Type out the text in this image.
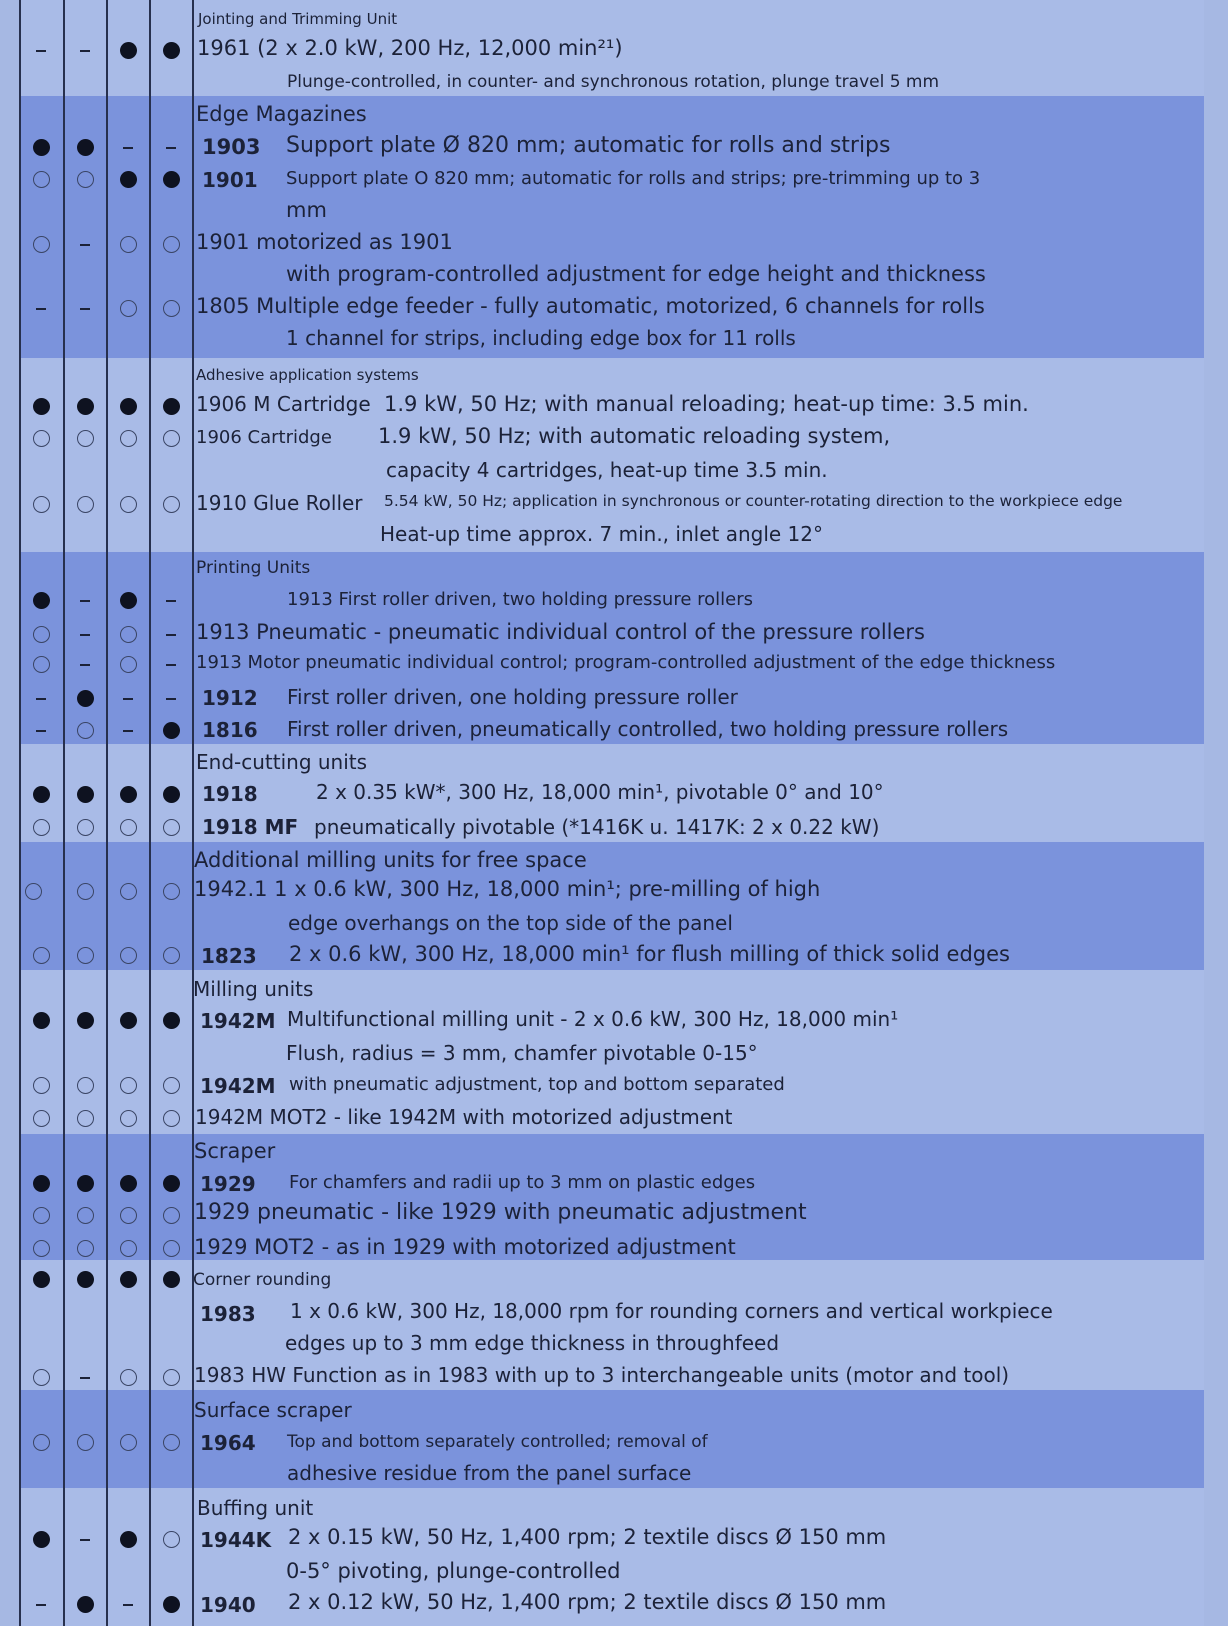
Jointing and Trimming Unit
1961 (2 x 2.0 kW, 200 Hz, 12,000 min²¹)
Plunge-controlled, in counter- and synchronous rotation, plunge travel 5 mm
Edge Magazines
1903 Support plate Ø 820 mm; automatic for rolls and strips
1901 Support plate O 820 mm; automatic for rolls and strips; pre-trimming up to 3
mm
1901 motorized as 1901
with program-controlled adjustment for edge height and thickness
1805 Multiple edge feeder - fully automatic, motorized, 6 channels for rolls
1 channel for strips, including edge box for 11 rolls
Adhesive application systems
1906 M Cartridge 1.9 kW, 50 Hz; with manual reloading; heat-up time: 3.5 min.
1906 Cartridge 1.9 kW, 50 Hz; with automatic reloading system,
capacity 4 cartridges, heat-up time 3.5 min.
1910 Glue Roller 5.54 kW, 50 Hz; application in synchronous or counter-rotating direction to the workpiece edge
Heat-up time approx. 7 min., inlet angle 12°
Printing Units
1913 First roller driven, two holding pressure rollers
1913 Pneumatic - pneumatic individual control of the pressure rollers
1913 Motor pneumatic individual control; program-controlled adjustment of the edge thickness
1912 First roller driven, one holding pressure roller
1816 First roller driven, pneumatically controlled, two holding pressure rollers
End-cutting units
1918	2 x 0.35 kW*, 300 Hz, 18,000 min¹, pivotable 0° and 10°
1918 MF pneumatically pivotable (*1416K u. 1417K: 2 x 0.22 kW)
Additional milling units for free space
1942.1 1 x 0.6 kW, 300 Hz, 18,000 min¹; pre-milling of high
edge overhangs on the top side of the panel
1823 2 x 0.6 kW, 300 Hz, 18,000 min¹ for flush milling of thick solid edges
Milling units
1942M Multifunctional milling unit - 2 x 0.6 kW, 300 Hz, 18,000 min¹
Flush, radius = 3 mm, chamfer pivotable 0-15°
1942M with pneumatic adjustment, top and bottom separated
1942M MOT2 - like 1942M with motorized adjustment
Scraper
1929 For chamfers and radii up to 3 mm on plastic edges
1929 pneumatic - like 1929 with pneumatic adjustment
1929 MOT2 - as in 1929 with motorized adjustment
Corner rounding
1983 1 x 0.6 kW, 300 Hz, 18,000 rpm for rounding corners and vertical workpiece
edges up to 3 mm edge thickness in throughfeed
1983 HW Function as in 1983 with up to 3 interchangeable units (motor and tool)
Surface scraper
1964 Top and bottom separately controlled; removal of
adhesive residue from the panel surface
Buffing unit
1944K 2 x 0.15 kW, 50 Hz, 1,400 rpm; 2 textile discs Ø 150 mm
0-5° pivoting, plunge-controlled
1940 2 x 0.12 kW, 50 Hz, 1,400 rpm; 2 textile discs Ø 150 mm
